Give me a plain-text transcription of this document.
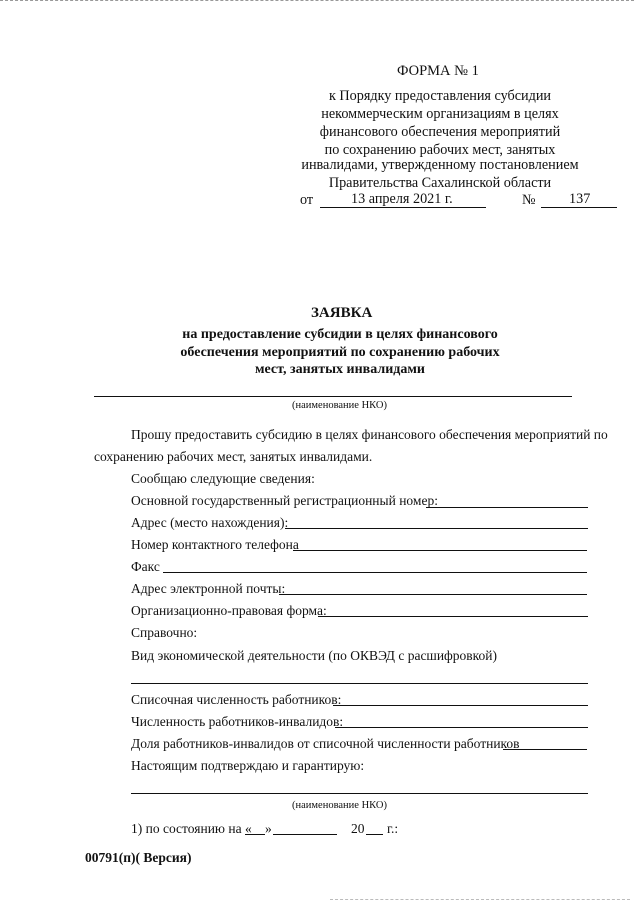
ФОРМА № 1
к Порядку предоставления субсидии
некоммерческим организациям в целях
финансового обеспечения мероприятий
по сохранению рабочих мест, занятых
инвалидами, утвержденному постановлением
Правительства Сахалинской области
от	13 апреля 2021 г.	№ 137
ЗАЯВКА
на предоставление субсидии в целях финансового
обеспечения мероприятий по сохранению рабочих
мест, занятых инвалидами
(наименование НКО)
Прошу предоставить субсидию в целях финансового обеспечения мероприятий по
сохранению рабочих мест, занятых инвалидами.
Сообщаю следующие сведения:
Основной государственный регистрационный номер:
Адрес (место нахождения):
Номер контактного телефона
Факс
Адрес электронной почты:
Организационно-правовая форма:
Справочно:
Вид экономической деятельности (по ОКВЭД с расшифровкой)
Списочная численность работников:
Численность работников-инвалидов:
Доля работников-инвалидов от списочной численности работников
Настоящим подтверждаю и гарантирую:
(наименование НКО)
1) по состоянию на « »	20 г.:
00791(п)( Версия)
